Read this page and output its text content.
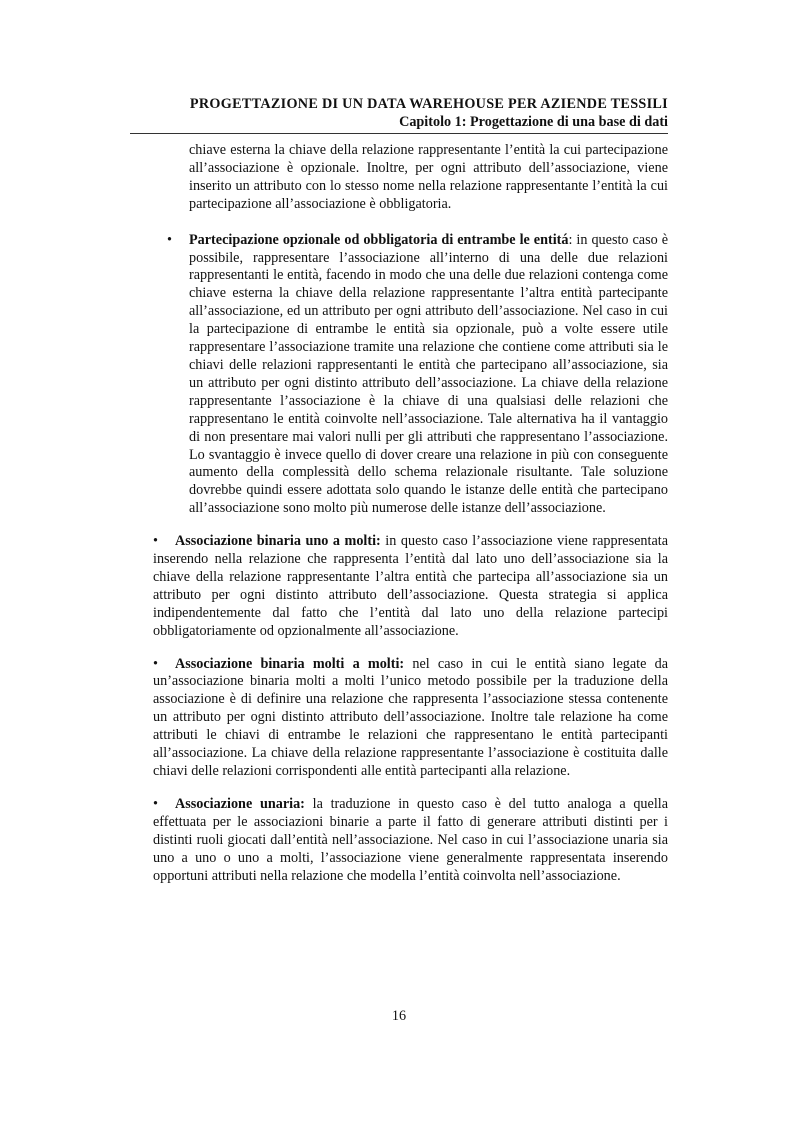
PROGETTAZIONE DI UN DATA WAREHOUSE PER AZIENDE TESSILI
Capitolo 1: Progettazione di una base di dati

chiave esterna la chiave della relazione rappresentante l’entità la cui partecipazione all’associazione è opzionale. Inoltre, per ogni attributo dell’associazione, viene inserito un attributo con lo stesso nome nella relazione rappresentante l’entità la cui partecipazione all’associazione è obbligatoria.

• Partecipazione opzionale od obbligatoria di entrambe le entitá: in questo caso è possibile, rappresentare l’associazione all’interno di una delle due relazioni rappresentanti le entità, facendo in modo che una delle due relazioni contenga come chiave esterna la chiave della relazione rappresentante l’altra entità partecipante all’associazione, ed un attributo per ogni attributo dell’associazione. Nel caso in cui la partecipazione di entrambe le entità sia opzionale, può a volte essere utile rappresentare l’associazione tramite una relazione che contiene come attributi sia le chiavi delle relazioni rappresentanti le entità che partecipano all’associazione, sia un attributo per ogni distinto attributo dell’associazione. La chiave della relazione rappresentante l’associazione è la chiave di una qualsiasi delle relazioni che rappresentano le entità coinvolte nell’associazione. Tale alternativa ha il vantaggio di non presentare mai valori nulli per gli attributi che rappresentano l’associazione. Lo svantaggio è invece quello di dover creare una relazione in più con conseguente aumento della complessità dello schema relazionale risultante. Tale soluzione dovrebbe quindi essere adottata solo quando le istanze delle entità che partecipano all’associazione sono molto più numerose delle istanze dell’associazione.

• Associazione binaria uno a molti: in questo caso l’associazione viene rappresentata inserendo nella relazione che rappresenta l’entità dal lato uno dell’associazione sia la chiave della relazione rappresentante l’altra entità che partecipa all’associazione sia un attributo per ogni distinto attributo dell’associazione. Questa strategia si applica indipendentemente dal fatto che l’entità dal lato uno della relazione partecipi obbligatoriamente od opzionalmente all’associazione.

• Associazione binaria molti a molti: nel caso in cui le entità siano legate da un’associazione binaria molti a molti l’unico metodo possibile per la traduzione della associazione è di definire una relazione che rappresenta l’associazione stessa contenente un attributo per ogni distinto attributo dell’associazione. Inoltre tale relazione ha come attributi le chiavi di entrambe le relazioni che rappresentano le entità partecipanti all’associazione. La chiave della relazione rappresentante l’associazione è costituita dalle chiavi delle relazioni corrispondenti alle entità partecipanti alla relazione.

• Associazione unaria: la traduzione in questo caso è del tutto analoga a quella effettuata per le associazioni binarie a parte il fatto di generare attributi distinti per i distinti ruoli giocati dall’entità nell’associazione. Nel caso in cui l’associazione unaria sia uno a uno o uno a molti, l’associazione viene generalmente rappresentata inserendo opportuni attributi nella relazione che modella l’entità coinvolta nell’associazione.

16
